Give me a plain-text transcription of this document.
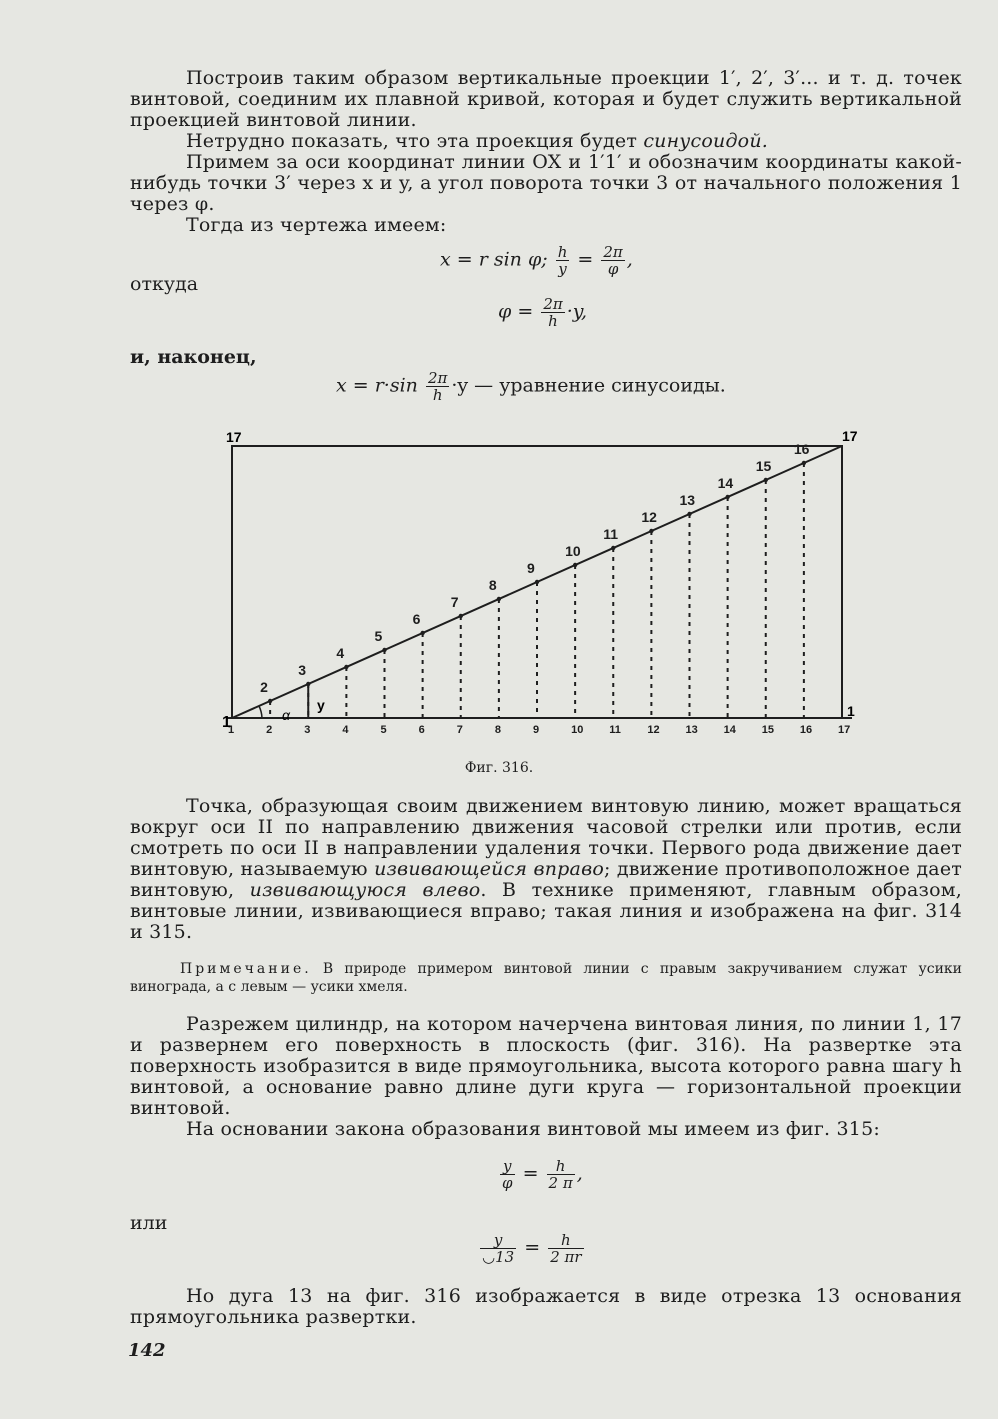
Построив таким образом вертикальные проекции 1′, 2′, 3′... и т. д. точек винтовой, соединим их плавной кривой, которая и будет служить вертикальной проекцией винтовой линии.

Нетрудно показать, что эта проекция будет синусоидой.

Примем за оси координат линии OX и 1′1′ и обозначим координаты какой-нибудь точки 3′ через x и y, а угол поворота точки 3 от начального положения 1 через φ.

Тогда из чертежа имеем:

x = r sin φ; $\frac{h}{y} = \frac{2\pi}{\varphi}$ ,
откуда
$\varphi = \frac{2\pi}{h} \cdot y$,
и, наконец,
$x = r\cdot\sin \frac{2\pi}{h} \cdot y$ — уравнение синусоиды.
2
3
4
5
6
7
8
9
10
11
12
13
14
15
16
1	2	3	4	5	6	7	8	9	10 11 12 13 14 15 16 17
17	17
1
1
α
y
Фиг. 316.

Точка, образующая своим движением винтовую линию, может вращаться вокруг оси II по направлению движения часовой стрелки или против, если смотреть по оси II в направлении удаления точки. Первого рода движение дает винтовую, называемую извивающейся вправо; движение противоположное дает винтовую, извивающуюся влево. В технике применяют, главным образом, винтовые линии, извивающиеся вправо; такая линия и изображена на фиг. 314 и 315.

Примечание. В природе примером винтовой линии с правым закручиванием служат усики винограда, а с левым — усики хмеля.

Разрежем цилиндр, на котором начерчена винтовая линия, по линии 1, 17 и развернем его поверхность в плоскость (фиг. 316). На развертке эта поверхность изобразится в виде прямоугольника, высота которого равна шагу h винтовой, а основание равно длине дуги круга — горизонтальной проекции винтовой.

На основании закона образования винтовой мы имеем из фиг. 315:

$\frac{y}{\varphi} = \frac{h}{2 \pi}$ ,
или
$\frac{y}{◡13} = \frac{h}{2 \pi r}$

Но дуга 13 на фиг. 316 изображается в виде отрезка 13 основания прямоугольника развертки.

142
